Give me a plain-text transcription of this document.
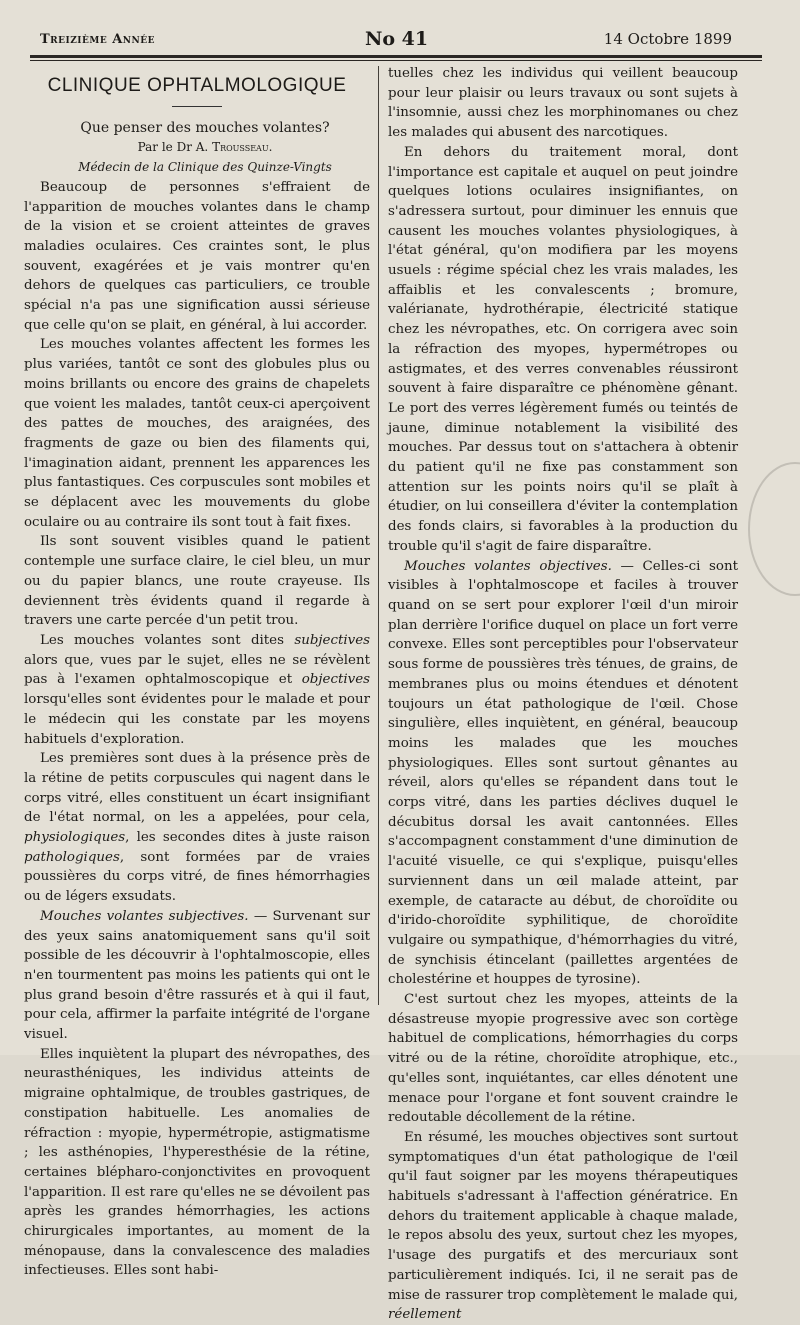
Treizième Année	No 41	14 Octobre 1899
CLINIQUE OPHTALMOLOGIQUE

Que penser des mouches volantes?

Par le Dr A. Trousseau.

Médecin de la Clinique des Quinze-Vingts

Beaucoup de personnes s'effraient de l'apparition de mouches volantes dans le champ de la vision et se croient atteintes de graves maladies oculaires. Ces craintes sont, le plus souvent, exagérées et je vais montrer qu'en dehors de quelques cas particuliers, ce trouble spécial n'a pas une signification aussi sérieuse que celle qu'on se plait, en général, à lui accorder.

Les mouches volantes affectent les formes les plus variées, tantôt ce sont des globules plus ou moins brillants ou encore des grains de chapelets que voient les malades, tantôt ceux-ci aperçoivent des pattes de mouches, des araignées, des fragments de gaze ou bien des filaments qui, l'imagination aidant, prennent les apparences les plus fantastiques. Ces corpuscules sont mobiles et se déplacent avec les mouvements du globe oculaire ou au contraire ils sont tout à fait fixes.

Ils sont souvent visibles quand le patient contemple une surface claire, le ciel bleu, un mur ou du papier blancs, une route crayeuse. Ils deviennent très évidents quand il regarde à travers une carte percée d'un petit trou.

Les mouches volantes sont dites subjectives alors que, vues par le sujet, elles ne se révèlent pas à l'examen ophtalmoscopique et objectives lorsqu'elles sont évidentes pour le malade et pour le médecin qui les constate par les moyens habituels d'exploration.

Les premières sont dues à la présence près de la rétine de petits corpuscules qui nagent dans le corps vitré, elles constituent un écart insignifiant de l'état normal, on les a appelées, pour cela, physiologiques, les secondes dites à juste raison pathologiques, sont formées par de vraies poussières du corps vitré, de fines hémorrhagies ou de légers exsudats.

Mouches volantes subjectives. — Survenant sur des yeux sains anatomiquement sans qu'il soit possible de les découvrir à l'ophtalmoscopie, elles n'en tourmentent pas moins les patients qui ont le plus grand besoin d'être rassurés et à qui il faut, pour cela, affirmer la parfaite intégrité de l'organe visuel.

Elles inquiètent la plupart des névropathes, des neurasthéniques, les individus atteints de migraine ophtalmique, de troubles gastriques, de constipation habituelle. Les anomalies de réfraction : myopie, hypermétropie, astigmatisme ; les asthénopies, l'hyperesthésie de la rétine, certaines blépharo-conjonctivites en provoquent l'apparition. Il est rare qu'elles ne se dévoilent pas après les grandes hémorrhagies, les actions chirurgicales importantes, au moment de la ménopause, dans la convalescence des maladies infectieuses. Elles sont habi-

tuelles chez les individus qui veillent beaucoup pour leur plaisir ou leurs travaux ou sont sujets à l'insomnie, aussi chez les morphinomanes ou chez les malades qui abusent des narcotiques.

En dehors du traitement moral, dont l'importance est capitale et auquel on peut joindre quelques lotions oculaires insignifiantes, on s'adressera surtout, pour diminuer les ennuis que causent les mouches volantes physiologiques, à l'état général, qu'on modifiera par les moyens usuels : régime spécial chez les vrais malades, les affaiblis et les convalescents ; bromure, valérianate, hydrothérapie, électricité statique chez les névropathes, etc. On corrigera avec soin la réfraction des myopes, hypermétropes ou astigmates, et des verres convenables réussiront souvent à faire disparaître ce phénomène gênant. Le port des verres légèrement fumés ou teintés de jaune, diminue notablement la visibilité des mouches. Par dessus tout on s'attachera à obtenir du patient qu'il ne fixe pas constamment son attention sur les points noirs qu'il se plaît à étudier, on lui conseillera d'éviter la contemplation des fonds clairs, si favorables à la production du trouble qu'il s'agit de faire disparaître.

Mouches volantes objectives. — Celles-ci sont visibles à l'ophtalmoscope et faciles à trouver quand on se sert pour explorer l'œil d'un miroir plan derrière l'orifice duquel on place un fort verre convexe. Elles sont perceptibles pour l'observateur sous forme de poussières très ténues, de grains, de membranes plus ou moins étendues et dénotent toujours un état pathologique de l'œil. Chose singulière, elles inquiètent, en général, beaucoup moins les malades que les mouches physiologiques. Elles sont surtout gênantes au réveil, alors qu'elles se répandent dans tout le corps vitré, dans les parties déclives duquel le décubitus dorsal les avait cantonnées. Elles s'accompagnent constamment d'une diminution de l'acuité visuelle, ce qui s'explique, puisqu'elles surviennent dans un œil malade atteint, par exemple, de cataracte au début, de choroïdite ou d'irido-choroïdite syphilitique, de choroïdite vulgaire ou sympathique, d'hémorrhagies du vitré, de synchisis étincelant (paillettes argentées de cholestérine et houppes de tyrosine).

C'est surtout chez les myopes, atteints de la désastreuse myopie progressive avec son cortège habituel de complications, hémorrhagies du corps vitré ou de la rétine, choroïdite atrophique, etc., qu'elles sont, inquiétantes, car elles dénotent une menace pour l'organe et font souvent craindre le redoutable décollement de la rétine.

En résumé, les mouches objectives sont surtout symptomatiques d'un état pathologique de l'œil qu'il faut soigner par les moyens thérapeutiques habituels s'adressant à l'affection génératrice. En dehors du traitement applicable à chaque malade, le repos absolu des yeux, surtout chez les myopes, l'usage des purgatifs et des mercuriaux sont particulièrement indiqués. Ici, il ne serait pas de mise de rassurer trop complètement le malade qui, réellement
